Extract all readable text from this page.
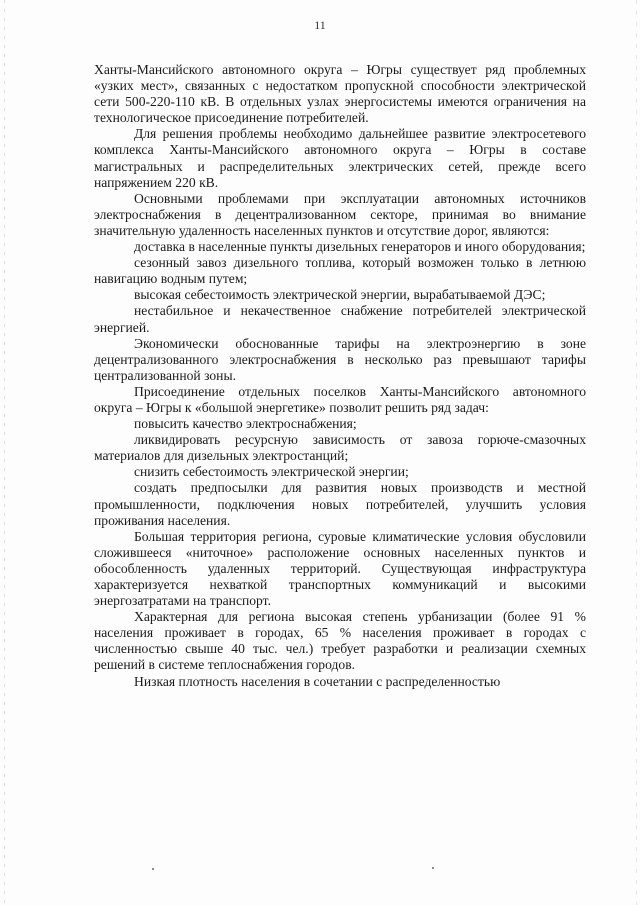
11

Ханты-Мансийского автономного округа – Югры существует ряд проблемных «узких мест», связанных с недостатком пропускной способности электрической сети 500-220-110 кВ. В отдельных узлах энергосистемы имеются ограничения на технологическое присоединение потребителей.

Для решения проблемы необходимо дальнейшее развитие электросетевого комплекса Ханты-Мансийского автономного округа – Югры в составе магистральных и распределительных электрических сетей, прежде всего напряжением 220 кВ.

Основными проблемами при эксплуатации автономных источников электроснабжения в децентрализованном секторе, принимая во внимание значительную удаленность населенных пунктов и отсутствие дорог, являются:

доставка в населенные пункты дизельных генераторов и иного оборудования;

сезонный завоз дизельного топлива, который возможен только в летнюю навигацию водным путем;

высокая себестоимость электрической энергии, вырабатываемой ДЭС;

нестабильное и некачественное снабжение потребителей электрической энергией.

Экономически обоснованные тарифы на электроэнергию в зоне децентрализованного электроснабжения в несколько раз превышают тарифы централизованной зоны.

Присоединение отдельных поселков Ханты-Мансийского автономного округа – Югры к «большой энергетике» позволит решить ряд задач:

повысить качество электроснабжения;

ликвидировать ресурсную зависимость от завоза горюче-смазочных материалов для дизельных электростанций;

снизить себестоимость электрической энергии;

создать предпосылки для развития новых производств и местной промышленности, подключения новых потребителей, улучшить условия проживания населения.

Большая территория региона, суровые климатические условия обусловили сложившееся «ниточное» расположение основных населенных пунктов и обособленность удаленных территорий. Существующая инфраструктура характеризуется нехваткой транспортных коммуникаций и высокими энергозатратами на транспорт.

Характерная для региона высокая степень урбанизации (более 91 % населения проживает в городах, 65 % населения проживает в городах с численностью свыше 40 тыс. чел.) требует разработки и реализации схемных решений в системе теплоснабжения городов.

Низкая плотность населения в сочетании с распределенностью
